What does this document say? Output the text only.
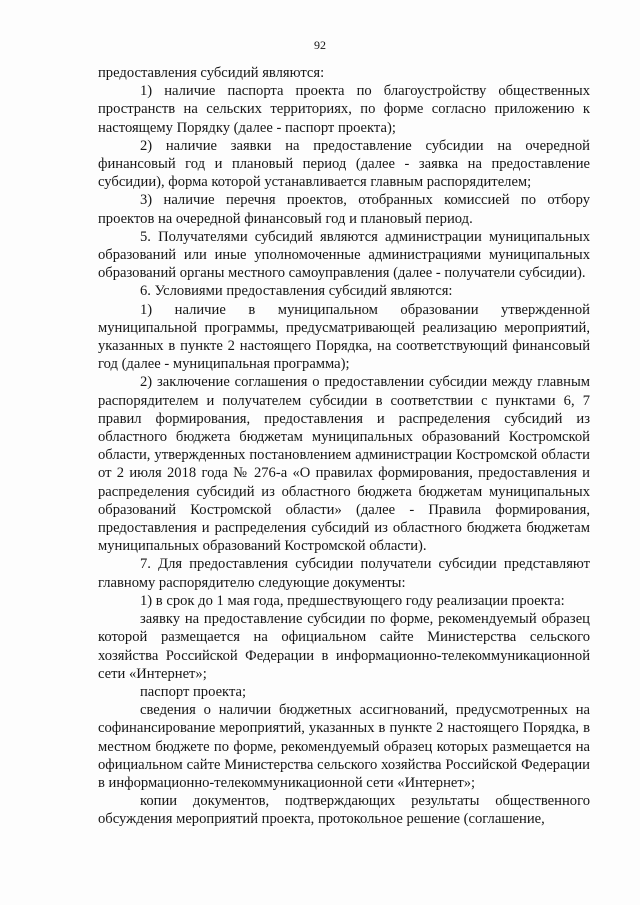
92

предоставления субсидий являются:

1) наличие паспорта проекта по благоустройству общественных пространств на сельских территориях, по форме согласно приложению к настоящему Порядку (далее - паспорт проекта);

2) наличие заявки на предоставление субсидии на очередной финансовый год и плановый период (далее - заявка на предоставление субсидии), форма которой устанавливается главным распорядителем;

3) наличие перечня проектов, отобранных комиссией по отбору проектов на очередной финансовый год и плановый период.

5. Получателями субсидий являются администрации муниципальных образований или иные уполномоченные администрациями муниципальных образований органы местного самоуправления (далее - получатели субсидии).

6. Условиями предоставления субсидий являются:

1) наличие в муниципальном образовании утвержденной муниципальной программы, предусматривающей реализацию мероприятий, указанных в пункте 2 настоящего Порядка, на соответствующий финансовый год (далее - муниципальная программа);

2) заключение соглашения о предоставлении субсидии между главным распорядителем и получателем субсидии в соответствии с пунктами 6, 7 правил формирования, предоставления и распределения субсидий из областного бюджета бюджетам муниципальных образований Костромской области, утвержденных постановлением администрации Костромской области от 2 июля 2018 года № 276-а «О правилах формирования, предоставления и распределения субсидий из областного бюджета бюджетам муниципальных образований Костромской области» (далее - Правила формирования, предоставления и распределения субсидий из областного бюджета бюджетам муниципальных образований Костромской области).

7. Для предоставления субсидии получатели субсидии представляют главному распорядителю следующие документы:

1) в срок до 1 мая года, предшествующего году реализации проекта:

заявку на предоставление субсидии по форме, рекомендуемый образец которой размещается на официальном сайте Министерства сельского хозяйства Российской Федерации в информационно-телекоммуникационной сети «Интернет»;

паспорт проекта;

сведения о наличии бюджетных ассигнований, предусмотренных на софинансирование мероприятий, указанных в пункте 2 настоящего Порядка, в местном бюджете по форме, рекомендуемый образец которых размещается на официальном сайте Министерства сельского хозяйства Российской Федерации в информационно-телекоммуникационной сети «Интернет»;

копии документов, подтверждающих результаты общественного обсуждения мероприятий проекта, протокольное решение (соглашение,
